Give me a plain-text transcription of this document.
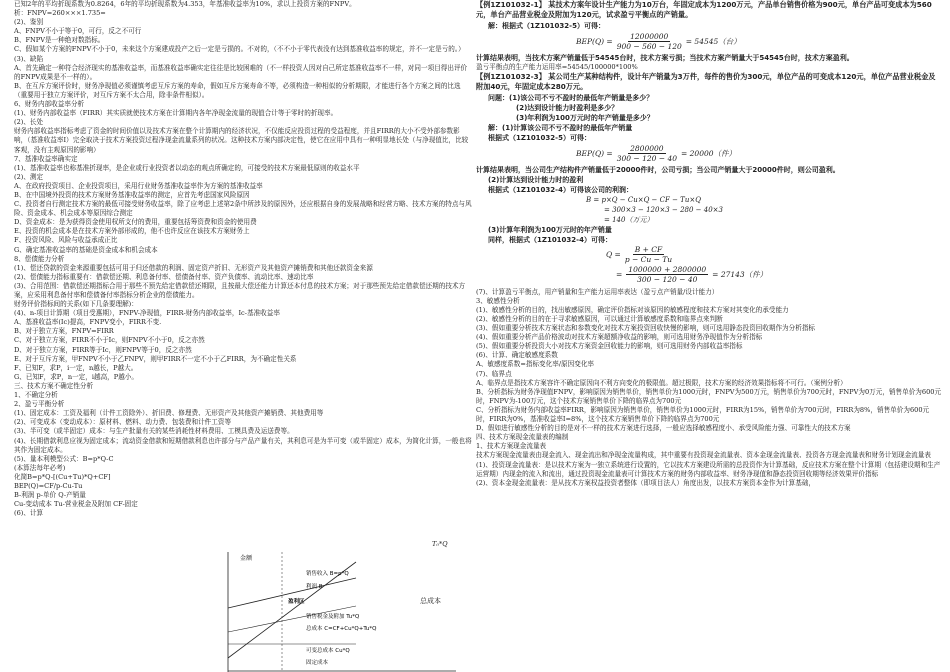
已知2年的平均折现系数为0.8264，6年的平均折现系数为4.353，年基准收益率为10%，求以上投资方案的FNPV。
析：FNPV=260×××1.735=
(2)、鉴别
A、FNPV不小于等于0，可行，反之不可行
B、FNPV是一种绝对数指标。
C、假如某个方案的FNPV不小于0，未来这个方案建成投产之后一定是亏损的。不对的，（不不小于零代表没有达到基准收益率的规定，并不一定是亏的。）
(3)、缺陷
A、首先确定一种符合经济现实的基准收益率，而基准收益率确实定往往是比较困难的（不一样投资人因对自己所定基准收益率不一样，对同一项目得出评价的FNPV成果是不一样的）。
B、在互斥方案评价时，财务净现值必须谨慎考虑互斥方案的寿命，假如互斥方案寿命不等，必须构造一种相似的分析期限，才能进行各个方案之间的比选（重要用于独立方案评价，对互斥方案不太合用，除非条件相似）。
6、财务内部收益率分析
(1)、财务内部收益率（FIRR）其实质就使技术方案在计算期内各年净现金流量的现值合计等于零时的折现率。
(2)、长处
财务内部收益率指标考虑了资金的时间价值以及技术方案在整个计算期内的经济状况，不仅能反应投资过程的受益程度，并且FIRR的大小不受外部参数影响，（基准收益率I）完全取决于技术方案投资过程净现金流量系列的状况。这种技术方案内部决定性，使它在应用中具有一种明显地长处（与净现值比，比较客观，没有主观原因的影响）
7、基准收益率确实定
(1)、基准收益率也称基准折现率，是企业或行业投资者以动态的观点所确定的，可接受的技术方案最低原则的收益水平
(2)、测定
A、在政府投资项目、企业投资项目，采用行业财务基准收益率作为方案的基准收益率
B、在中国境外投资的技术方案财务基准收益率的测定，应首先考虑国家风险原因
C、投资者自行测定技术方案的最低可接受财务收益率，除了应考虑上述第2条中所涉及的原因外，还应根据自身的发展战略和经营方略、技术方案的特点与风险、资金成本、机会成本等原因综合测定
D、资金成本：是为获得资金使用权所支付的费用，重要包括筹资费和资金的使用费
E、投资的机会成本是在技术方案外部形成的，他不也许反应在该技术方案财务上
F、投资风险、风险与收益承成正比
G、确定基准收益率的基础是资金成本和机会成本
8、偿债能力分析
(1)、偿还贷款的资金来源重要包括可用于归还借款的利润、固定资产折旧、无形资产及其他资产摊销费和其他还款资金来源
(2)、偿债能力指标重要有：借款偿还期、利息备付率、偿债备付率、资产负债率、流动比率、速动比率
(3)、合用范围：借款偿还期指标合用于那些不预先给定借款偿还期限，且按最大偿还能力计算还本付息的技术方案；对于那些预先给定借款偿还期的技术方案，应采用利息备付率和偿债备付率指标分析企业的偿债能力。
财务评价指标间的关系(如下几条要理解)：
(4)、n-项目计算期（项目受惠期），FNPV-净现值，FIRR-财务内部收益率，Ic-基准收益率
A、基准收益率(Ic)提高，FNPV变小，FIRR不变.
B、对于独立方案，FNPV=FIRR
C、对于独立方案，FIRR不小于Ic，则FNPV不小于0，反之亦然
D、对于独立方案，FIRR等于Ic，则FNPV等于0，反之亦然
E、对于互斥方案，甲FNPV不小于乙FNPV，则甲FIRR不一定不小于乙FIRR，为不确定性关系
F、已知F，求P，i一定，n越长，P越大。
G、已知F，求P，n一定，i越高，P越小。
三、技术方案不确定性分析
1、不确定分析
2、盈亏平衡分析
(1)、固定成本：工资及福利（计件工资除外）、折旧费、修理费、无形资产及其他资产摊销费、其他费用等
(2)、可变成本（变动成本）：原材料、燃料、动力费、包装费和计件工资等
(3)、半可变（或半固定）成本：与生产批量有关的某些消耗性材料费用、工模具费及运送费等。
(4)、长期借款利息应视为固定成本；流动资金借款和短期借款利息也许部分与产品产量有关，其利息可是为半可变（或半固定）成本，为简化计算，一般也将其作为固定成本。
(5)、量本利模型公式：B=p*Q-C
(本算法每年必考)
化简B=p*Q-[(Cu+Tu)*Q+CF]
BEP(Q)=CF/p-Cu-Tu
B-利润 p-单价 Q-产销量
Cu-变动成本 Tu-营业税金及附加 CF-固定
(6)、计算
【例1Z101032-1】 某技术方案年设计生产能力为10万台，年固定成本为1200万元，产品单台销售价格为900元，单台产品可变成本为560元，单台产品营业税金及附加为120元，试求盈亏平衡点的产销量。
解：根据式（1Z101032-5）可得：
$BEP(Q) = \frac{12000000}{900 - 560 - 120} = 54545$（台）
计算结果表明，当技术方案产销量低于54545台时，技术方案亏损；当技术方案产销量大于54545台时，技术方案盈利。
盈亏平衡点的生产能力运用率=54545/100000*100%
【例1Z101032-3】 某公司生产某种结构件，设计年产销量为3万件，每件的售价为300元，单位产品的可变成本120元，单位产品营业税金及附加40元，年固定成本280万元。
问题：(1)该公司不亏不盈时的最低年产销量是多少？
(2)达到设计能力时盈利是多少？
(3)年利润为100万元时的年产销量是多少？
解：(1)计算该公司不亏不盈时的最低年产销量
根据式（1Z101032-5）可得：
$BEP(Q) = \frac{2800000}{300 - 120 - 40} = 20000$（件）
计算结果表明，当公司生产结构件产销量低于20000件时，公司亏损；当公司产销量大于20000件时，则公司盈利。
(2)计算达到设计能力时的盈利
根据式（1Z101032-4）可得该公司的利润：
B = p×Q − Cu×Q − CF − Tu×Q
= 300×3 − 120×3 − 280 − 40×3
= 140（万元）
(3)计算年利润为100万元时的年产销量
同样，根据式（1Z101032-4）可得：
$Q = \frac{B + CF}{p - Cu - Tu}$
= $\frac{1000000 + 2800000}{300 - 120 - 40} = 27143$（件）
(7)、计算盈亏平衡点，用产销量和生产能力运用率表达（盈亏点产销量/设计能力）
3、敏感性分析
(1)、敏感性分析的目的，找出敏感原因，确定评价指标对该原因的敏感程度和技术方案对其变化的承受能力
(2)、敏感性分析的目的在于寻求敏感原因，可以通过计算敏感度系数和临界点来判断
(3)、假如重要分析技术方案状态和参数变化对技术方案投资回收快慢的影响，则可选用静态投资回收期作为分析指标
(4)、假如重要分析产品价格波动对技术方案超额净收益的影响，则可选用财务净现值作为分析指标
(5)、假如重要分析投资大小对技术方案资金回收能力的影响，则可选用财务内部收益率指标
(6)、计算、确定敏感度系数
A、敏感度系数=指标变化率/原因变化率
(7)、临界点
A、临界点是指技术方案容许不确定原因向不利方向变化的极限值。超过极限，技术方案的经济效果指标将不可行。（案例分析）
B、分析指标为财务净现值FNPV，影响原因为销售单价，销售单价为1000元时，FNPV为500万元，销售单价为700元时，FNPV为0万元，销售单价为600元时，FNPV为-100万元，这个技术方案销售单价下降的临界点为700元
C、分析指标为财务内部收益率FIRR，影响原因为销售单价，销售单价为1000元时，FIRR为15%，销售单价为700元时，FIRR为8%，销售单价为600元时，FIRR为0%，基准收益率I=8%，这个技术方案销售单价下降的临界点为700元
D、假如进行敏感性分析的目的是对不一样的技术方案进行选择，一般应选择敏感程度小、承受风险能力强、可靠性大的技术方案
四、技术方案现金流量表的编制
1、技术方案现金流量表
技术方案现金流量表由现金流入、现金流出和净现金流量构成，其中重要有投资现金流量表、资本金现金流量表、投资各方现金流量表和财务计划现金流量表
(1)、投资现金流量表：是以技术方案为一独立系统进行设置的，它以技术方案建设所需的总投资作为计算基础，反应技术方案在整个计算期（包括建设期和生产运营期）内现金的流入和流出，通过投资现金流量表可计算技术方案的财务内部收益率、财务净现值和静态投资回收期等经济效果评价指标
(2)、资本金现金流量表：是从技术方案权益投资者整体（即项目法人）角度出发，以技术方案资本金作为计算基础，
金额
销售收入 B=p*Q
利润 B
盈利区
销售税金及附加 Tu*Q
总成本 C=CF+Cu*Q+Tu*Q
可变总成本 Cu*Q
固定成本
T₀*Q
总成本
